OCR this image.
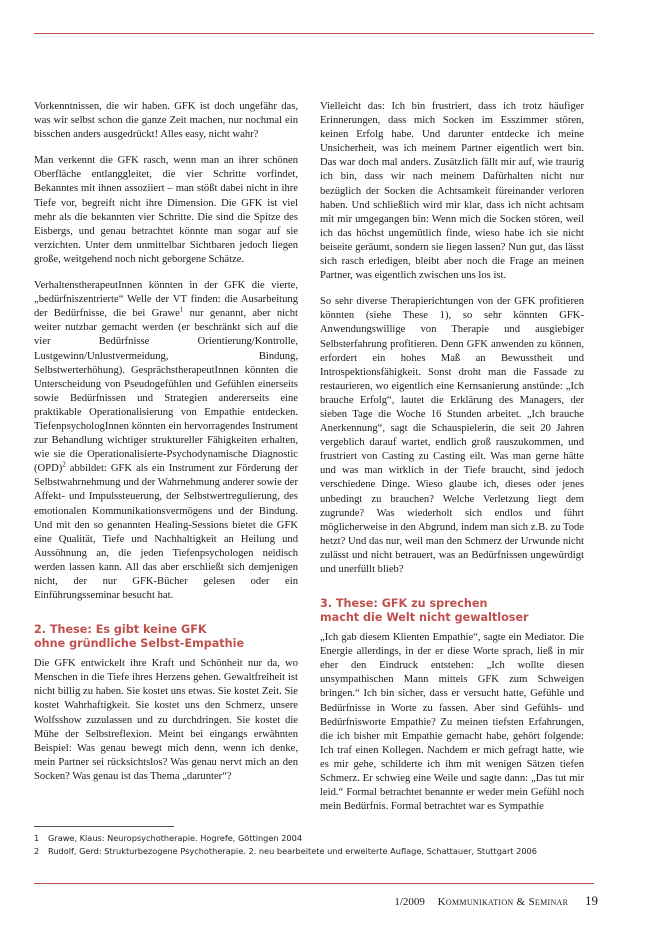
Vorkenntnissen, die wir haben. GFK ist doch ungefähr das, was wir selbst schon die ganze Zeit machen, nur nochmal ein bisschen anders ausgedrückt! Alles easy, nicht wahr?

Man verkennt die GFK rasch, wenn man an ihrer schönen Oberfläche entlanggleitet, die vier Schritte vorfindet, Bekanntes mit ihnen assoziiert – man stößt dabei nicht in ihre Tiefe vor, begreift nicht ihre Dimension. Die GFK ist viel mehr als die bekannten vier Schritte. Die sind die Spitze des Eisbergs, und genau betrachtet könnte man sogar auf sie verzichten. Unter dem unmittelbar Sichtbaren jedoch liegen große, weitgehend noch nicht geborgene Schätze.

VerhaltenstherapeutInnen könnten in der GFK die vierte, „bedürfniszentrierte“ Welle der VT finden: die Ausarbeitung der Bedürfnisse, die bei Grawe$^1$ nur genannt, aber nicht weiter nutzbar gemacht werden (er beschränkt sich auf die vier Bedürfnisse Orientierung/Kontrolle, Lustgewinn/Unlustvermeidung, Bindung, Selbstwerterhöhung). GesprächstherapeutInnen könnten die Unterscheidung von Pseudogefühlen und Gefühlen einerseits sowie Bedürfnissen und Strategien andererseits eine praktikable Operationalisierung von Empathie entdecken. TiefenpsychologInnen könnten ein hervorragendes Instrument zur Behandlung wichtiger struktureller Fähigkeiten erhalten, wie sie die Operationalisierte-Psychodynamische Diagnostic (OPD)$^2$ abbildet: GFK als ein Instrument zur Förderung der Selbstwahrnehmung und der Wahrnehmung anderer sowie der Affekt- und Impulssteuerung, der Selbstwertregulierung, des emotionalen Kommunikationsvermögens und der Bindung. Und mit den so genannten Healing-Sessions bietet die GFK eine Qualität, Tiefe und Nachhaltigkeit an Heilung und Aussöhnung an, die jeden Tiefenpsychologen neidisch werden lassen kann. All das aber erschließt sich demjenigen nicht, der nur GFK-Bücher gelesen oder ein Einführungsseminar besucht hat.

2. These: Es gibt keine GFK
ohne gründliche Selbst-Empathie

Die GFK entwickelt ihre Kraft und Schönheit nur da, wo Menschen in die Tiefe ihres Herzens gehen. Gewaltfreiheit ist nicht billig zu haben. Sie kostet uns etwas. Sie kostet Zeit. Sie kostet Wahrhaftigkeit. Sie kostet uns den Schmerz, unsere Wolfsshow zuzulassen und zu durchdringen. Sie kostet die Mühe der Selbstreflexion. Meint bei eingangs erwähnten Beispiel: Was genau bewegt mich denn, wenn ich denke, mein Partner sei rücksichtslos? Was genau nervt mich an den Socken? Was genau ist das Thema „darunter“?

Vielleicht das: Ich bin frustriert, dass ich trotz häufiger Erinnerungen, dass mich Socken im Esszimmer stören, keinen Erfolg habe. Und darunter entdecke ich meine Unsicherheit, was ich meinem Partner eigentlich wert bin. Das war doch mal anders. Zusätzlich fällt mir auf, wie traurig ich bin, dass wir nach meinem Dafürhalten nicht nur bezüglich der Socken die Achtsamkeit füreinander verloren haben. Und schließlich wird mir klar, dass ich nicht achtsam mit mir umgegangen bin: Wenn mich die Socken stören, weil ich das höchst ungemütlich finde, wieso habe ich sie nicht beiseite geräumt, sondern sie liegen lassen? Nun gut, das lässt sich rasch erledigen, bleibt aber noch die Frage an meinen Partner, was eigentlich zwischen uns los ist.

So sehr diverse Therapierichtungen von der GFK profitieren könnten (siehe These 1), so sehr könnten GFK-Anwendungswillige von Therapie und ausgiebiger Selbsterfahrung profitieren. Denn GFK anwenden zu können, erfordert ein hohes Maß an Bewusstheit und Introspektionsfähigkeit. Sonst droht man die Fassade zu restaurieren, wo eigentlich eine Kernsanierung anstünde: „Ich brauche Erfolg“, lautet die Erklärung des Managers, der sieben Tage die Woche 16 Stunden arbeitet. „Ich brauche Anerkennung“, sagt die Schauspielerin, die seit 20 Jahren vergeblich darauf wartet, endlich groß rauszukommen, und frustriert von Casting zu Casting eilt. Was man gerne hätte und was man wirklich in der Tiefe braucht, sind jedoch verschiedene Dinge. Wieso glaube ich, dieses oder jenes unbedingt zu brauchen? Welche Verletzung liegt dem zugrunde? Was wiederholt sich endlos und führt möglicherweise in den Abgrund, indem man sich z.B. zu Tode hetzt? Und das nur, weil man den Schmerz der Urwunde nicht zulässt und nicht betrauert, was an Bedürfnissen ungewürdigt und unerfüllt blieb?

3. These: GFK zu sprechen
macht die Welt nicht gewaltloser

„Ich gab diesem Klienten Empathie“, sagte ein Mediator. Die Energie allerdings, in der er diese Worte sprach, ließ in mir eher den Eindruck entstehen: „Ich wollte diesen unsympathischen Mann mittels GFK zum Schweigen bringen.“ Ich bin sicher, dass er versucht hatte, Gefühle und Bedürfnisse in Worte zu fassen. Aber sind Gefühls- und Bedürfnisworte Empathie? Zu meinen tiefsten Erfahrungen, die ich bisher mit Empathie gemacht habe, gehört folgende: Ich traf einen Kollegen. Nachdem er mich gefragt hatte, wie es mir gehe, schilderte ich ihm mit wenigen Sätzen tiefen Schmerz. Er schwieg eine Weile und sagte dann: „Das tut mir leid.“ Formal betrachtet benannte er weder mein Gefühl noch mein Bedürfnis. Formal betrachtet war es Sympathie

1 Grawe, Klaus: Neuropsychotherapie. Hogrefe, Göttingen 2004
2 Rudolf, Gerd: Strukturbezogene Psychotherapie. 2. neu bearbeitete und erweiterte Auflage, Schattauer, Stuttgart 2006
1/2009 Kommunikation & Seminar 19
